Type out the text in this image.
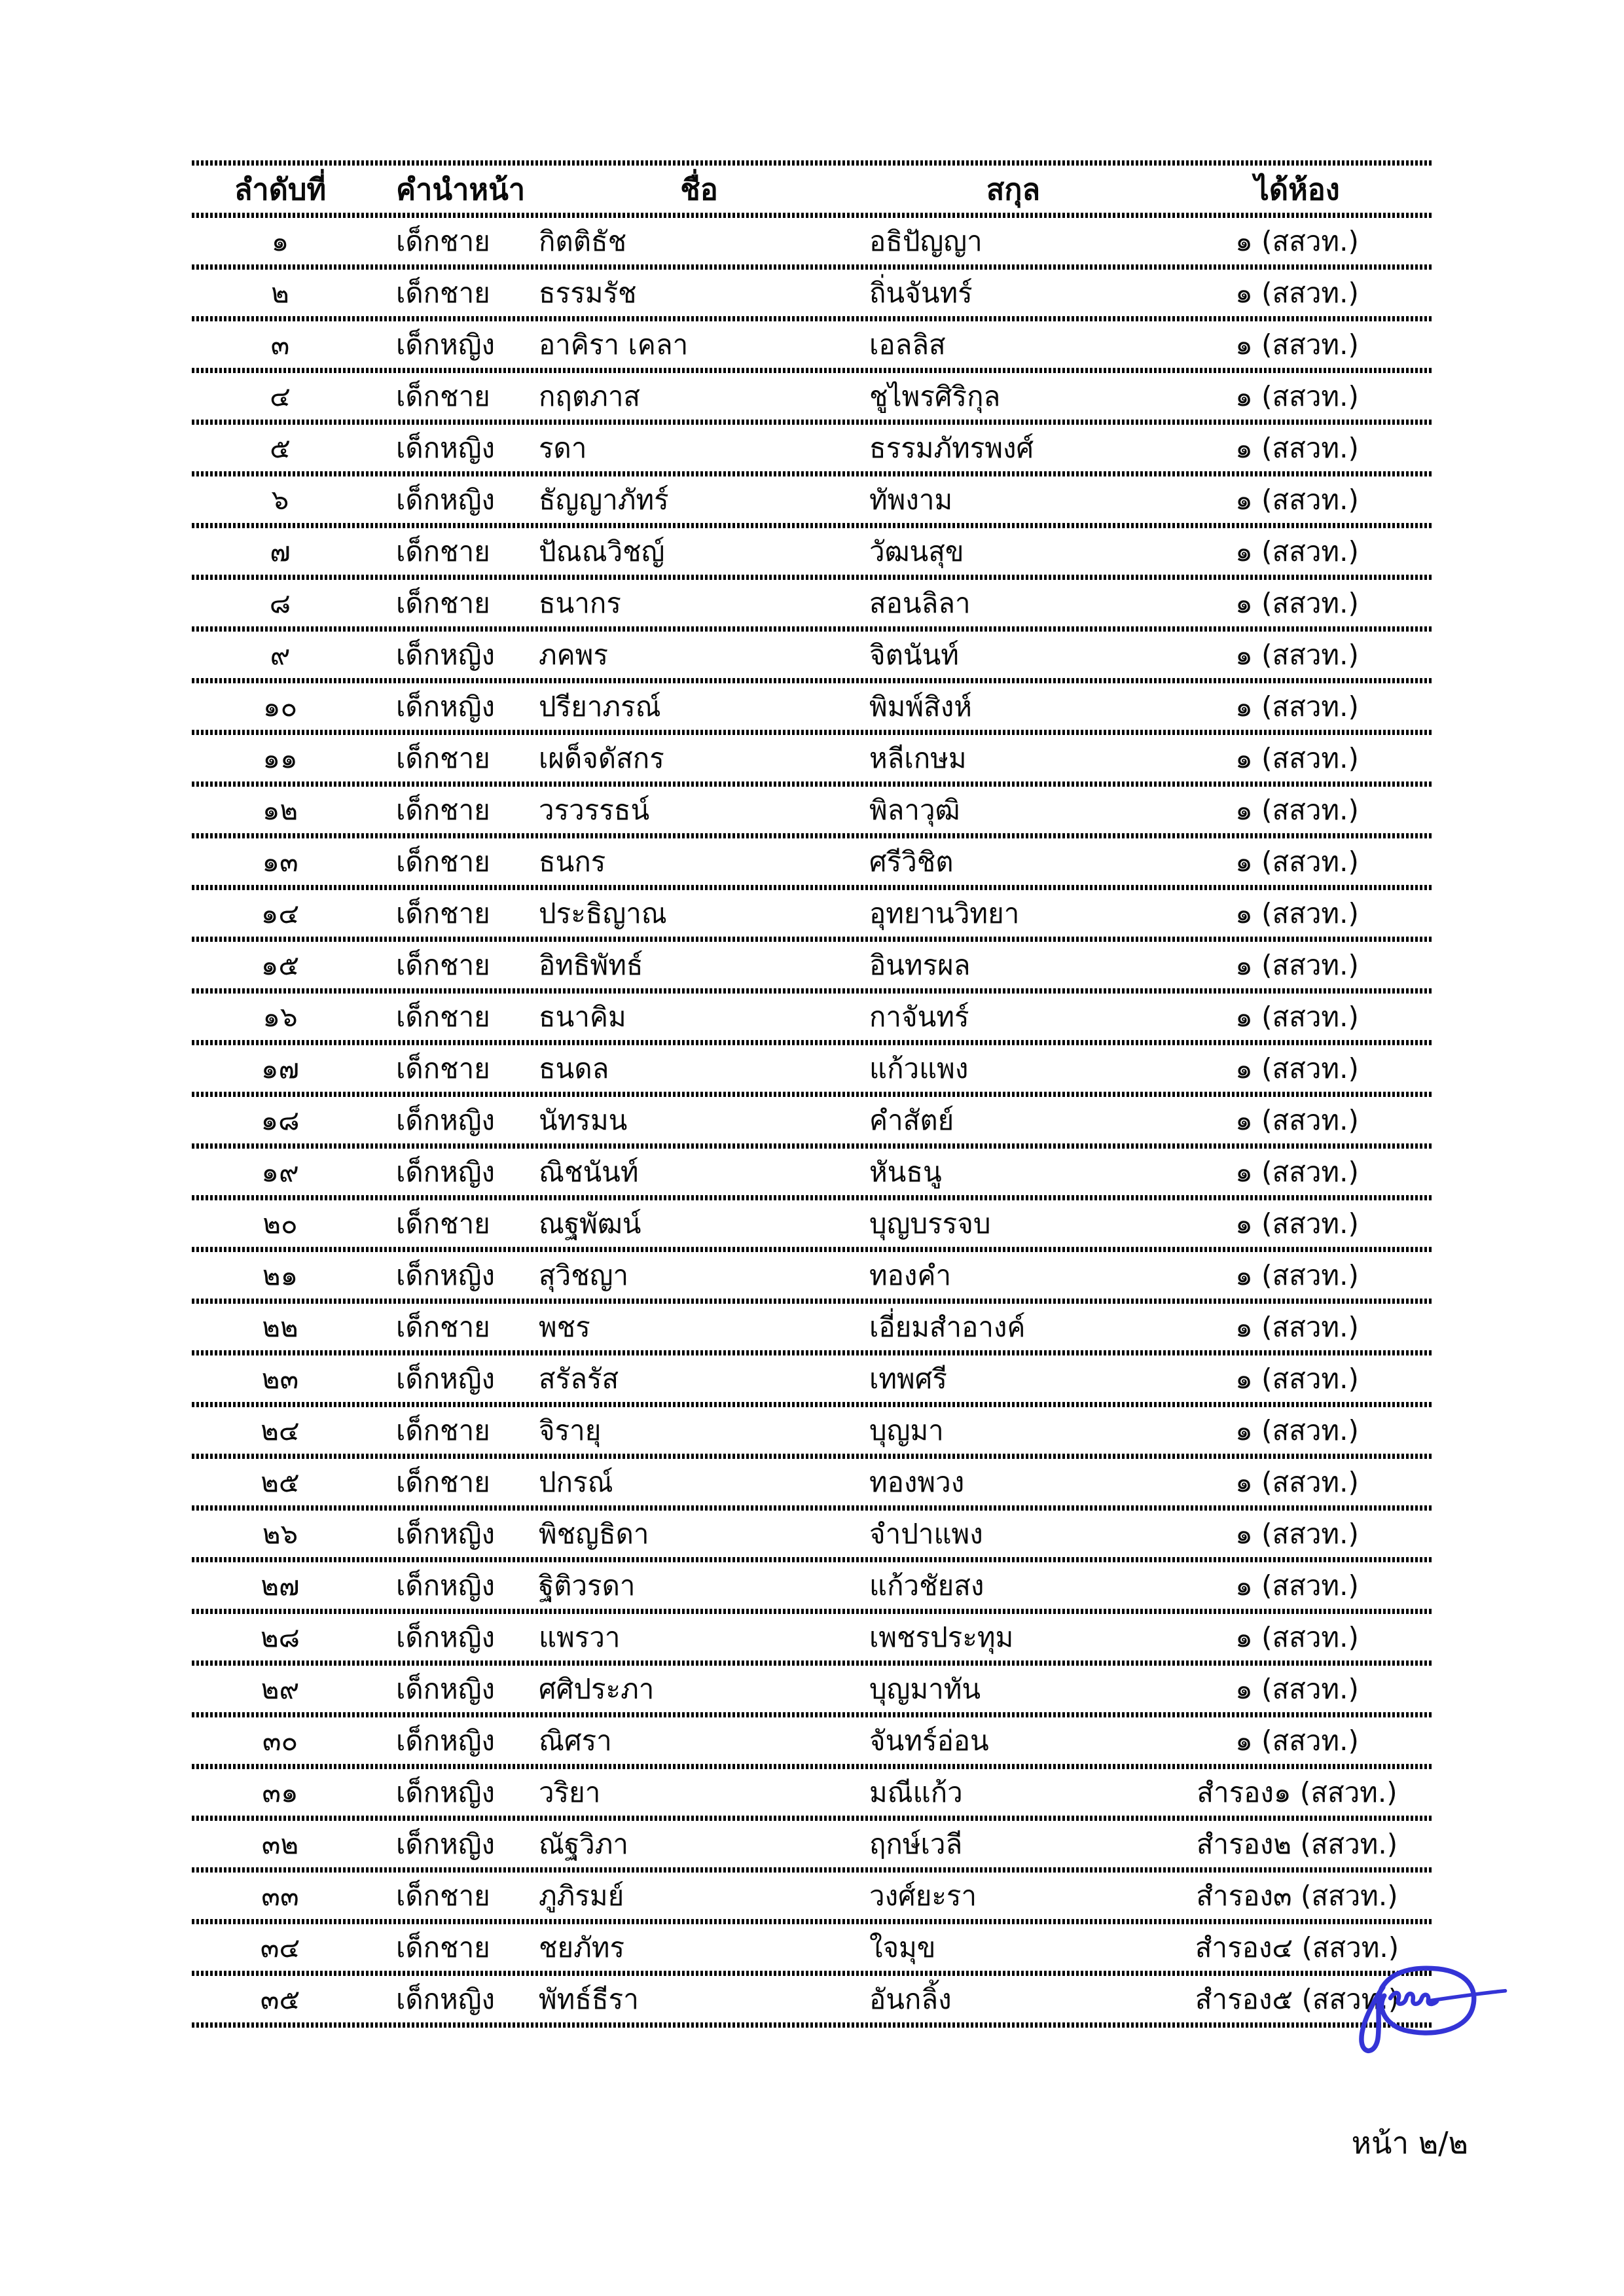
ลำดับที่	คำนำหน้า	ชื่อ	สกุล	ได้ห้อง
๑	เด็กชาย	กิตติธัช	อธิปัญญา	๑ (สสวท.)
๒	เด็กชาย	ธรรมรัช	ถิ่นจันทร์	๑ (สสวท.)
๓	เด็กหญิง	อาคิรา เคลา	เอลลิส	๑ (สสวท.)
๔	เด็กชาย	กฤตภาส	ชูไพรศิริกุล	๑ (สสวท.)
๕	เด็กหญิง	รดา	ธรรมภัทรพงศ์	๑ (สสวท.)
๖	เด็กหญิง	ธัญญาภัทร์	ทัพงาม	๑ (สสวท.)
๗	เด็กชาย	ปัณณวิชญ์	วัฒนสุข	๑ (สสวท.)
๘	เด็กชาย	ธนากร	สอนลิลา	๑ (สสวท.)
๙	เด็กหญิง	ภคพร	จิตนันท์	๑ (สสวท.)
๑๐	เด็กหญิง	ปรียาภรณ์	พิมพ์สิงห์	๑ (สสวท.)
๑๑	เด็กชาย	เผด็จดัสกร	หลีเกษม	๑ (สสวท.)
๑๒	เด็กชาย	วรวรรธน์	พิลาวุฒิ	๑ (สสวท.)
๑๓	เด็กชาย	ธนกร	ศรีวิชิต	๑ (สสวท.)
๑๔	เด็กชาย	ประธิญาณ	อุทยานวิทยา	๑ (สสวท.)
๑๕	เด็กชาย	อิทธิพัทธ์	อินทรผล	๑ (สสวท.)
๑๖	เด็กชาย	ธนาคิม	กาจันทร์	๑ (สสวท.)
๑๗	เด็กชาย	ธนดล	แก้วแพง	๑ (สสวท.)
๑๘	เด็กหญิง	นัทรมน	คำสัตย์	๑ (สสวท.)
๑๙	เด็กหญิง	ณิชนันท์	หันธนู	๑ (สสวท.)
๒๐	เด็กชาย	ณฐพัฒน์	บุญบรรจบ	๑ (สสวท.)
๒๑	เด็กหญิง	สุวิชญา	ทองคำ	๑ (สสวท.)
๒๒	เด็กชาย	พชร	เอี่ยมสำอางค์	๑ (สสวท.)
๒๓	เด็กหญิง	สรัลรัส	เทพศรี	๑ (สสวท.)
๒๔	เด็กชาย	จิรายุ	บุญมา	๑ (สสวท.)
๒๕	เด็กชาย	ปกรณ์	ทองพวง	๑ (สสวท.)
๒๖	เด็กหญิง	พิชญธิดา	จำปาแพง	๑ (สสวท.)
๒๗	เด็กหญิง	ฐิติวรดา	แก้วชัยสง	๑ (สสวท.)
๒๘	เด็กหญิง	แพรวา	เพชรประทุม	๑ (สสวท.)
๒๙	เด็กหญิง	ศศิประภา	บุญมาทัน	๑ (สสวท.)
๓๐	เด็กหญิง	ณิศรา	จันทร์อ่อน	๑ (สสวท.)
๓๑	เด็กหญิง	วริยา	มณีแก้ว	สำรอง๑ (สสวท.)
๓๒	เด็กหญิง	ณัฐวิภา	ฤกษ์เวลี	สำรอง๒ (สสวท.)
๓๓	เด็กชาย	ภูภิรมย์	วงศ์ยะรา	สำรอง๓ (สสวท.)
๓๔	เด็กชาย	ชยภัทร	ใจมุข	สำรอง๔ (สสวท.)
๓๕	เด็กหญิง	พัทธ์ธีรา	อันกลิ้ง	สำรอง๕ (สสวท.)
หน้า ๒/๒
